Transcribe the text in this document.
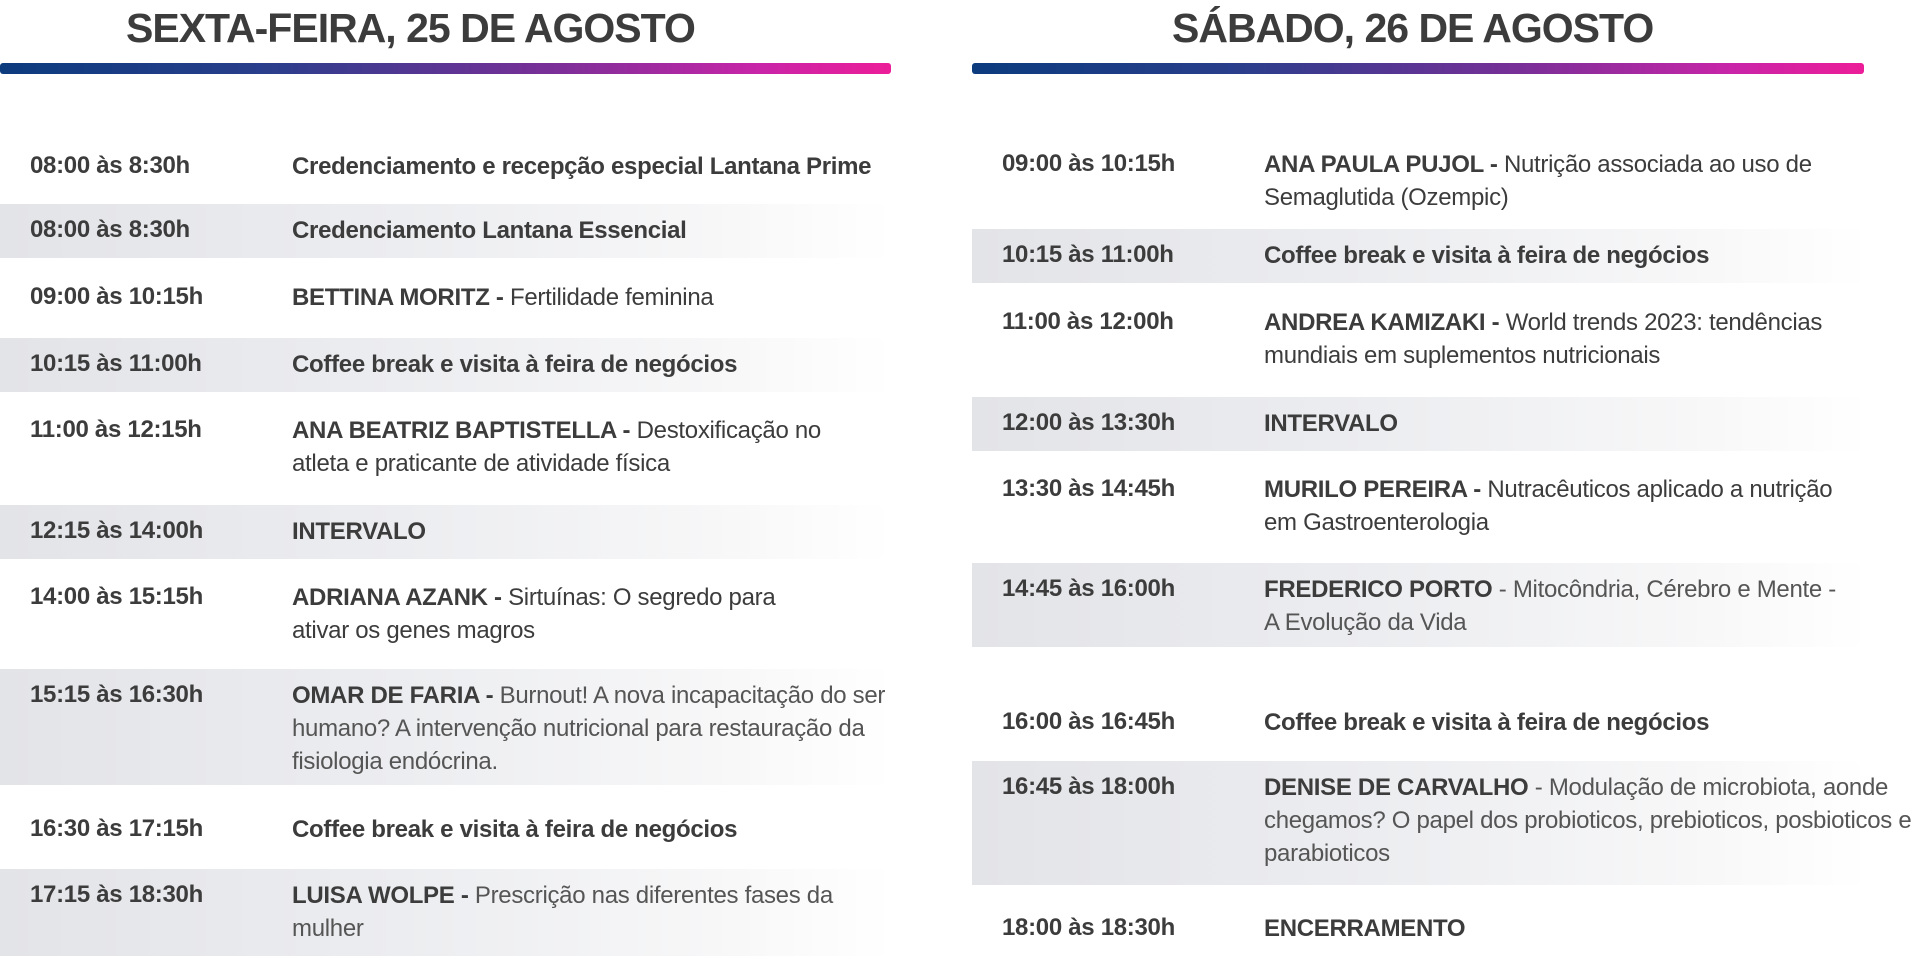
SEXTA-FEIRA, 25 DE AGOSTO
08:00 às 8:30h	Credenciamento e recepção especial Lantana Prime
08:00 às 8:30h	Credenciamento Lantana Essencial
09:00 às 10:15h	BETTINA MORITZ - Fertilidade feminina
10:15 às 11:00h	Coffee break e visita à feira de negócios
11:00 às 12:15h	ANA BEATRIZ BAPTISTELLA - Destoxificação no atleta e praticante de atividade física
12:15 às 14:00h	INTERVALO
14:00 às 15:15h	ADRIANA AZANK - Sirtuínas: O segredo para ativar os genes magros
15:15 às 16:30h	OMAR DE FARIA - Burnout! A nova incapacitação do ser humano? A intervenção nutricional para restauração da fisiologia endócrina.
16:30 às 17:15h	Coffee break e visita à feira de negócios
17:15 às 18:30h	LUISA WOLPE - Prescrição nas diferentes fases da mulher
SÁBADO, 26 DE AGOSTO
09:00 às 10:15h	ANA PAULA PUJOL - Nutrição associada ao uso de Semaglutida (Ozempic)
10:15 às 11:00h	Coffee break e visita à feira de negócios
11:00 às 12:00h	ANDREA KAMIZAKI - World trends 2023: tendências mundiais em suplementos nutricionais
12:00 às 13:30h	INTERVALO
13:30 às 14:45h	MURILO PEREIRA - Nutracêuticos aplicado a nutrição em Gastroenterologia
14:45 às 16:00h	FREDERICO PORTO - Mitocôndria, Cérebro e Mente - A Evolução da Vida
16:00 às 16:45h	Coffee break e visita à feira de negócios
16:45 às 18:00h	DENISE DE CARVALHO - Modulação de microbiota, aonde chegamos? O papel dos probioticos, prebioticos, posbioticos e parabioticos
18:00 às 18:30h	ENCERRAMENTO
